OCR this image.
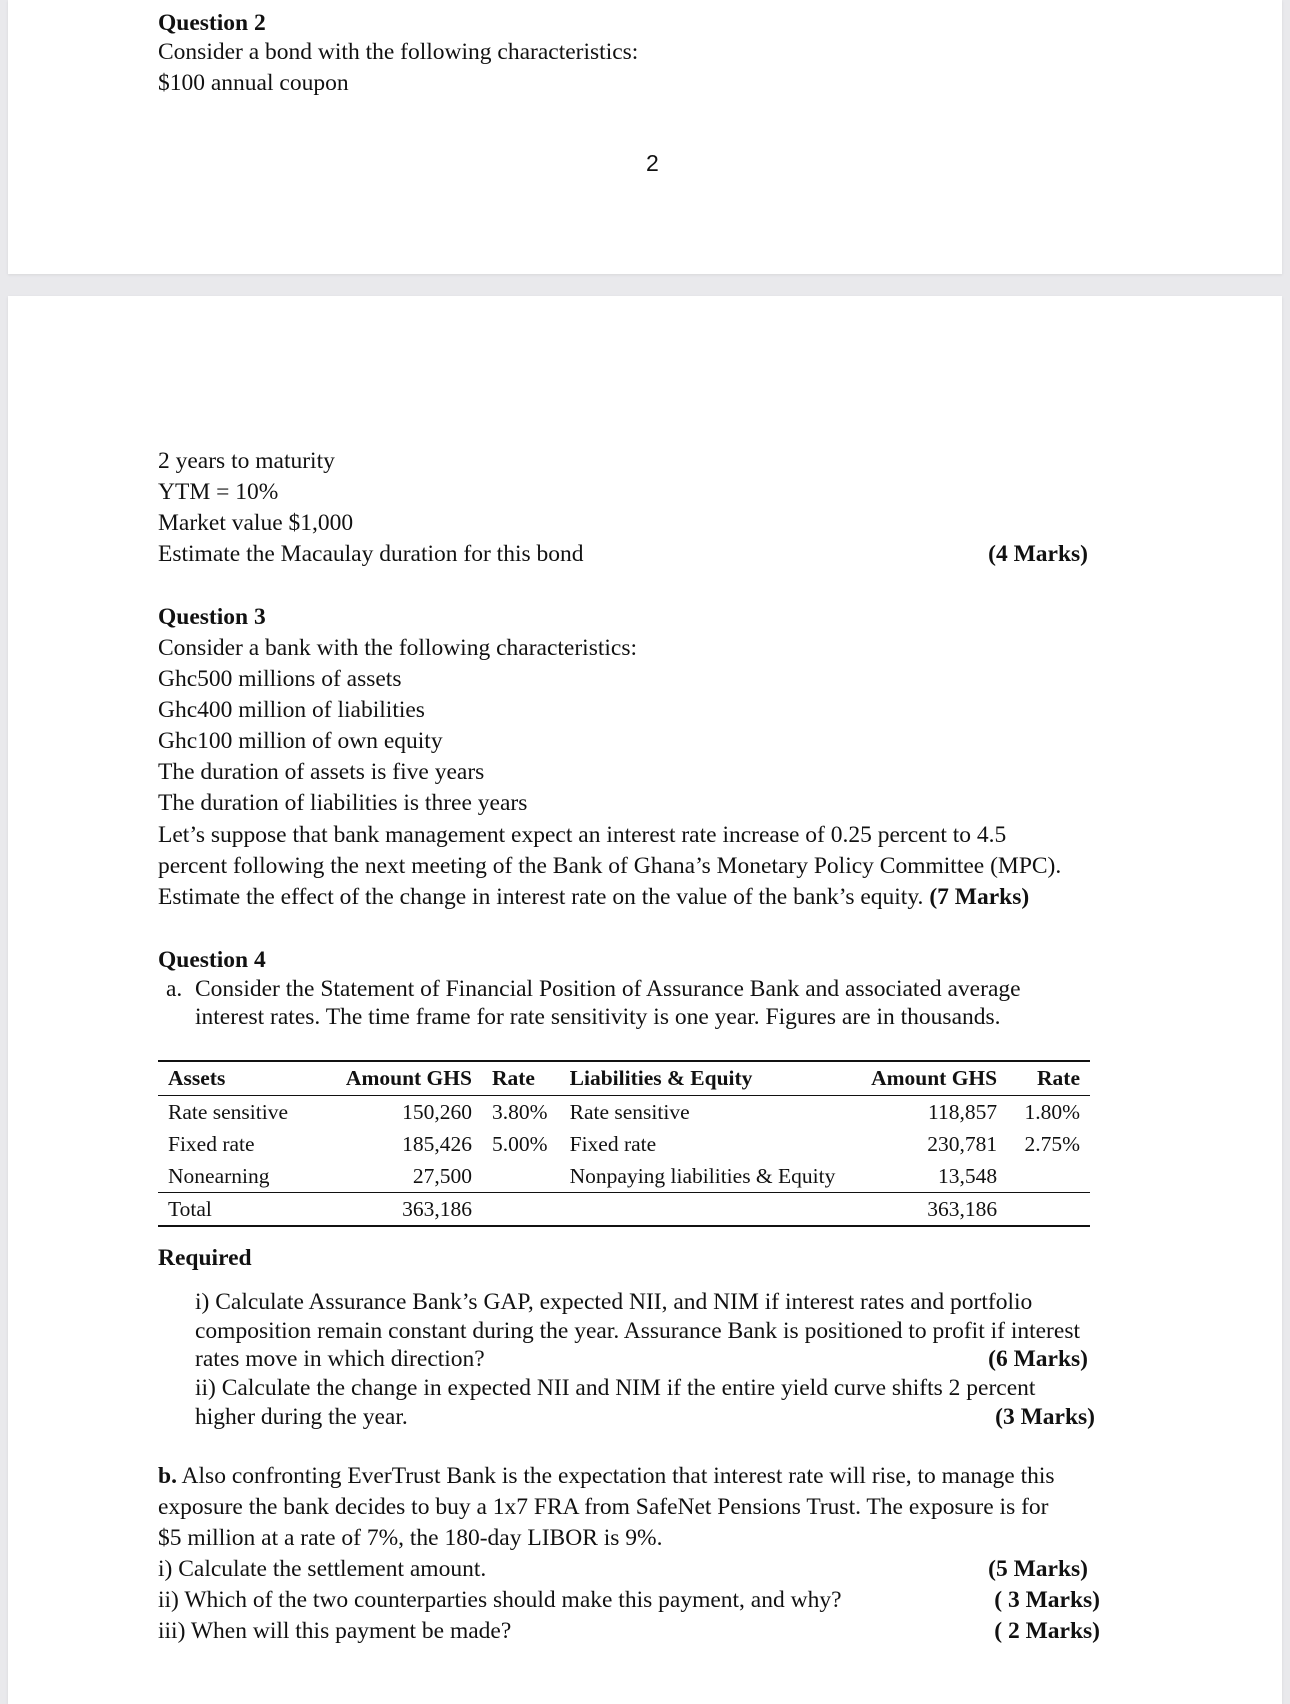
Question 2
Consider a bond with the following characteristics:
$100 annual coupon
2
2 years to maturity
YTM = 10%
Market value $1,000
Estimate the Macaulay duration for this bond	(4 Marks)
Question 3
Consider a bank with the following characteristics:
Ghc500 millions of assets
Ghc400 million of liabilities
Ghc100 million of own equity
The duration of assets is five years
The duration of liabilities is three years
Let’s suppose that bank management expect an interest rate increase of 0.25 percent to 4.5
percent following the next meeting of the Bank of Ghana’s Monetary Policy Committee (MPC).
Estimate the effect of the change in interest rate on the value of the bank’s equity. (7 Marks)
Question 4
a. Consider the Statement of Financial Position of Assurance Bank and associated average
interest rates. The time frame for rate sensitivity is one year. Figures are in thousands.
Assets	Amount GHS	Rate	Liabilities & Equity	Amount GHS	Rate
Rate sensitive	150,260	3.80%	Rate sensitive	118,857	1.80%
Fixed rate	185,426	5.00%	Fixed rate	230,781	2.75%
Nonearning	27,500		Nonpaying liabilities & Equity	13,548	
Total	363,186			363,186	
Required
i) Calculate Assurance Bank’s GAP, expected NII, and NIM if interest rates and portfolio
composition remain constant during the year. Assurance Bank is positioned to profit if interest
rates move in which direction?	(6 Marks)
ii) Calculate the change in expected NII and NIM if the entire yield curve shifts 2 percent
higher during the year.	(3 Marks)
b. Also confronting EverTrust Bank is the expectation that interest rate will rise, to manage this
exposure the bank decides to buy a 1x7 FRA from SafeNet Pensions Trust. The exposure is for
$5 million at a rate of 7%, the 180-day LIBOR is 9%.
i) Calculate the settlement amount.	(5 Marks)
ii) Which of the two counterparties should make this payment, and why?	( 3 Marks)
iii) When will this payment be made?	( 2 Marks)
